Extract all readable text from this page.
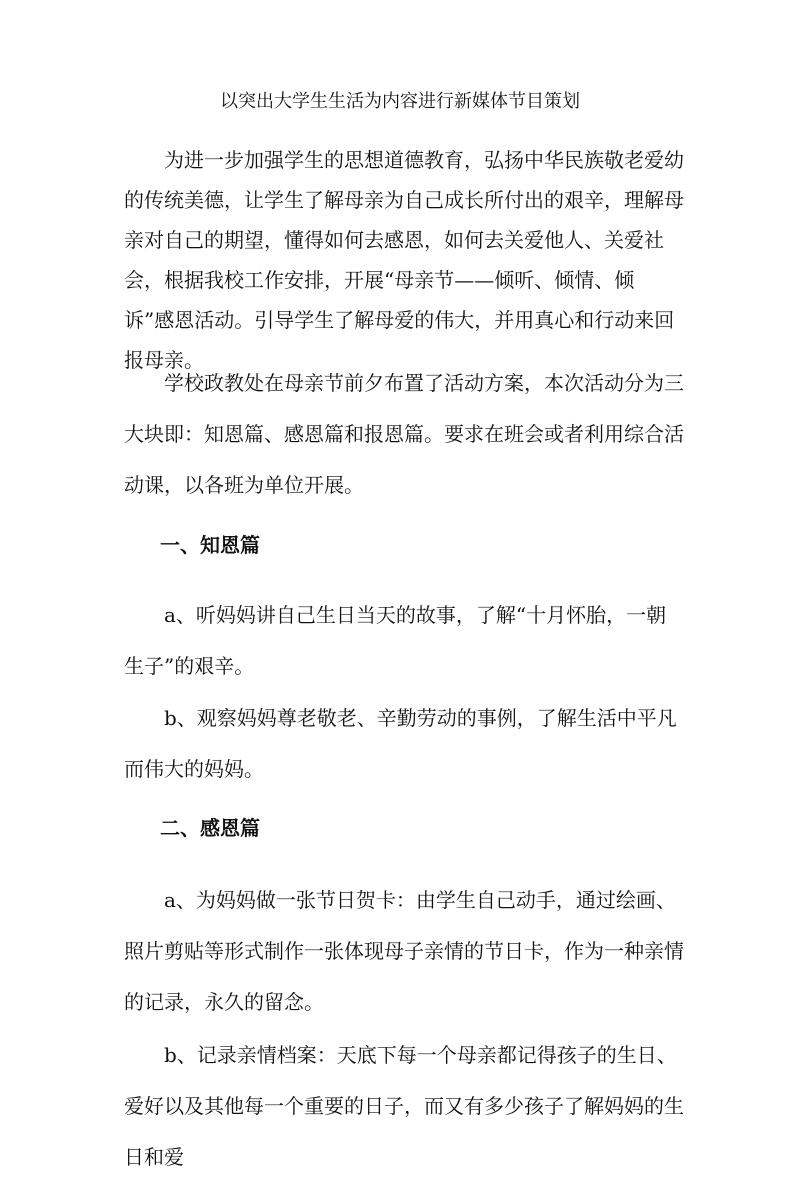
以突出大学生生活为内容进行新媒体节目策划

为进一步加强学生的思想道德教育，弘扬中华民族敬老爱幼的传统美德，让学生了解母亲为自己成长所付出的艰辛，理解母亲对自己的期望，懂得如何去感恩，如何去关爱他人、关爱社会，根据我校工作安排，开展“母亲节——倾听、倾情、倾诉”感恩活动。引导学生了解母爱的伟大，并用真心和行动来回报母亲。

学校政教处在母亲节前夕布置了活动方案，本次活动分为三大块即：知恩篇、感恩篇和报恩篇。要求在班会或者利用综合活动课，以各班为单位开展。

一、知恩篇

a、听妈妈讲自己生日当天的故事，了解“十月怀胎，一朝生子”的艰辛。

b、观察妈妈尊老敬老、辛勤劳动的事例，了解生活中平凡而伟大的妈妈。

二、感恩篇

a、为妈妈做一张节日贺卡：由学生自己动手，通过绘画、照片剪贴等形式制作一张体现母子亲情的节日卡，作为一种亲情的记录，永久的留念。

b、记录亲情档案：天底下每一个母亲都记得孩子的生日、爱好以及其他每一个重要的日子，而又有多少孩子了解妈妈的生日和爱
